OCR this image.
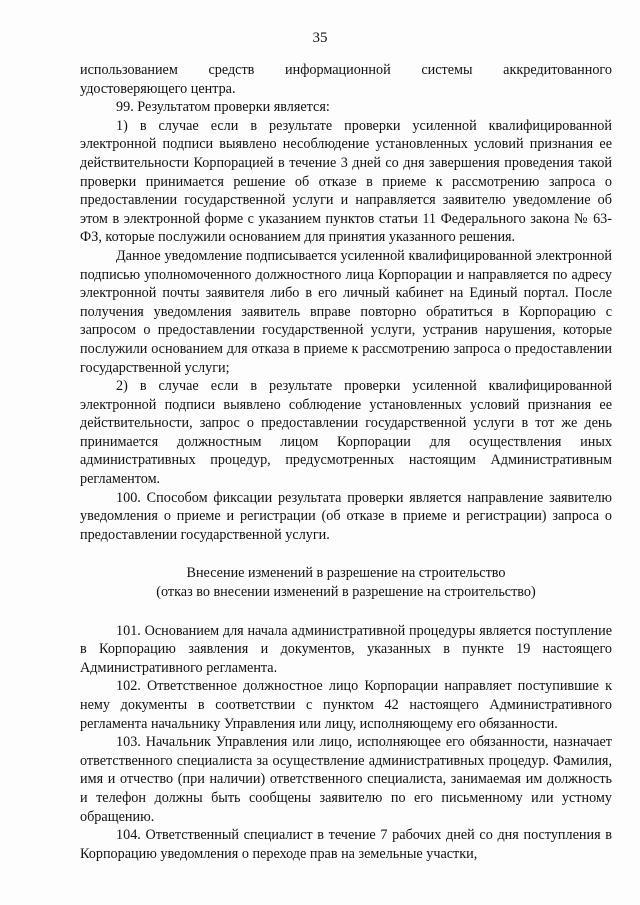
35

использованием средств информационной системы аккредитованного удостоверяющего центра.

99. Результатом проверки является:

1) в случае если в результате проверки усиленной квалифицированной электронной подписи выявлено несоблюдение установленных условий признания ее действительности Корпорацией в течение 3 дней со дня завершения проведения такой проверки принимается решение об отказе в приеме к рассмотрению запроса о предоставлении государственной услуги и направляется заявителю уведомление об этом в электронной форме с указанием пунктов статьи 11 Федерального закона № 63-ФЗ, которые послужили основанием для принятия указанного решения.

Данное уведомление подписывается усиленной квалифицированной электронной подписью уполномоченного должностного лица Корпорации и направляется по адресу электронной почты заявителя либо в его личный кабинет на Единый портал. После получения уведомления заявитель вправе повторно обратиться в Корпорацию с запросом о предоставлении государственной услуги, устранив нарушения, которые послужили основанием для отказа в приеме к рассмотрению запроса о предоставлении государственной услуги;

2) в случае если в результате проверки усиленной квалифицированной электронной подписи выявлено соблюдение установленных условий признания ее действительности, запрос о предоставлении государственной услуги в тот же день принимается должностным лицом Корпорации для осуществления иных административных процедур, предусмотренных настоящим Административным регламентом.

100. Способом фиксации результата проверки является направление заявителю уведомления о приеме и регистрации (об отказе в приеме и регистрации) запроса о предоставлении государственной услуги.

Внесение изменений в разрешение на строительство
(отказ во внесении изменений в разрешение на строительство)

101. Основанием для начала административной процедуры является поступление в Корпорацию заявления и документов, указанных в пункте 19 настоящего Административного регламента.

102. Ответственное должностное лицо Корпорации направляет поступившие к нему документы в соответствии с пунктом 42 настоящего Административного регламента начальнику Управления или лицу, исполняющему его обязанности.

103. Начальник Управления или лицо, исполняющее его обязанности, назначает ответственного специалиста за осуществление административных процедур. Фамилия, имя и отчество (при наличии) ответственного специалиста, занимаемая им должность и телефон должны быть сообщены заявителю по его письменному или устному обращению.

104. Ответственный специалист в течение 7 рабочих дней со дня поступления в Корпорацию уведомления о переходе прав на земельные участки,
